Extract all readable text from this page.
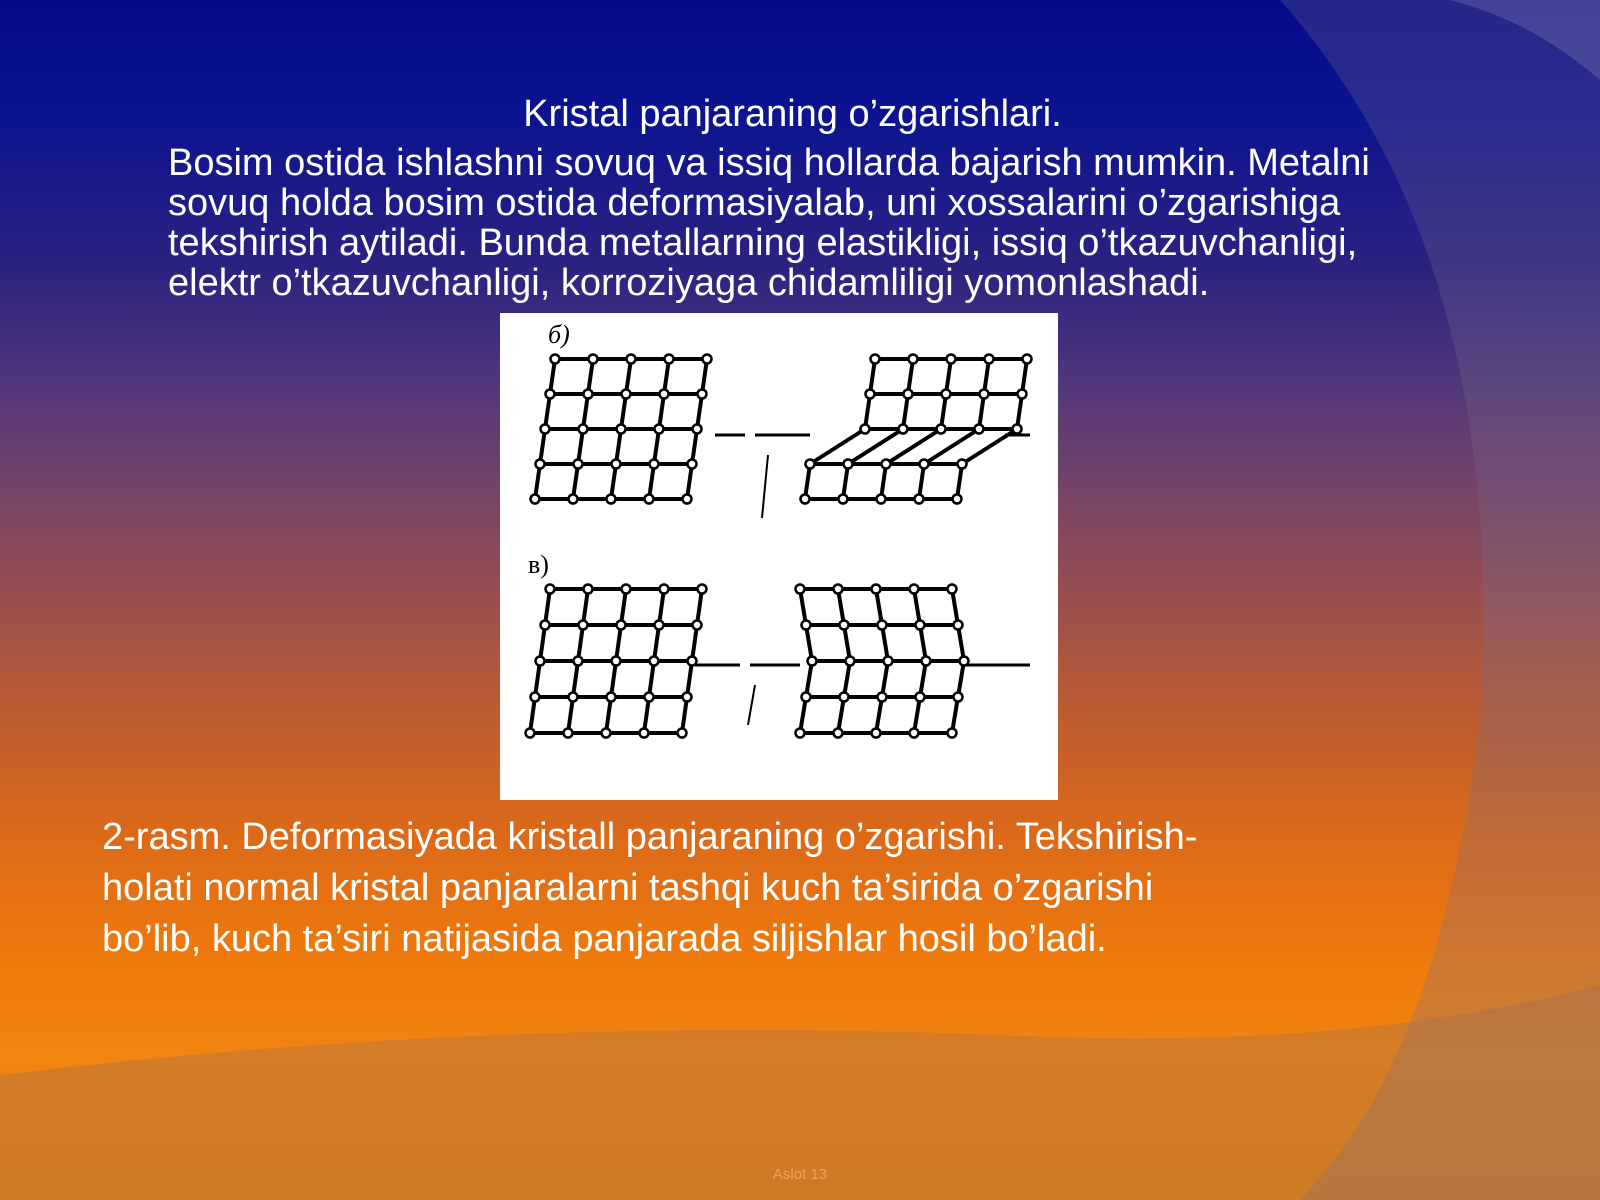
Kristal panjaraning o’zgarishlari.

Bosim ostida ishlashni sovuq va issiq hollarda bajarish mumkin. Metalni sovuq holda bosim ostida deformasiyalab, uni xossalarini o’zgarishiga tekshirish aytiladi. Bunda metallarning elastikligi, issiq o’tkazuvchanligi, elektr o’tkazuvchanligi, korroziyaga chidamliligi yomonlashadi.

б)
в)

2-rasm. Deformasiyada kristall panjaraning o’zgarishi. Tekshirish- holati normal kristal panjaralarni tashqi kuch ta’sirida o’zgarishi bo’lib, kuch ta’siri natijasida panjarada siljishlar hosil bo’ladi.

Aslot 13
